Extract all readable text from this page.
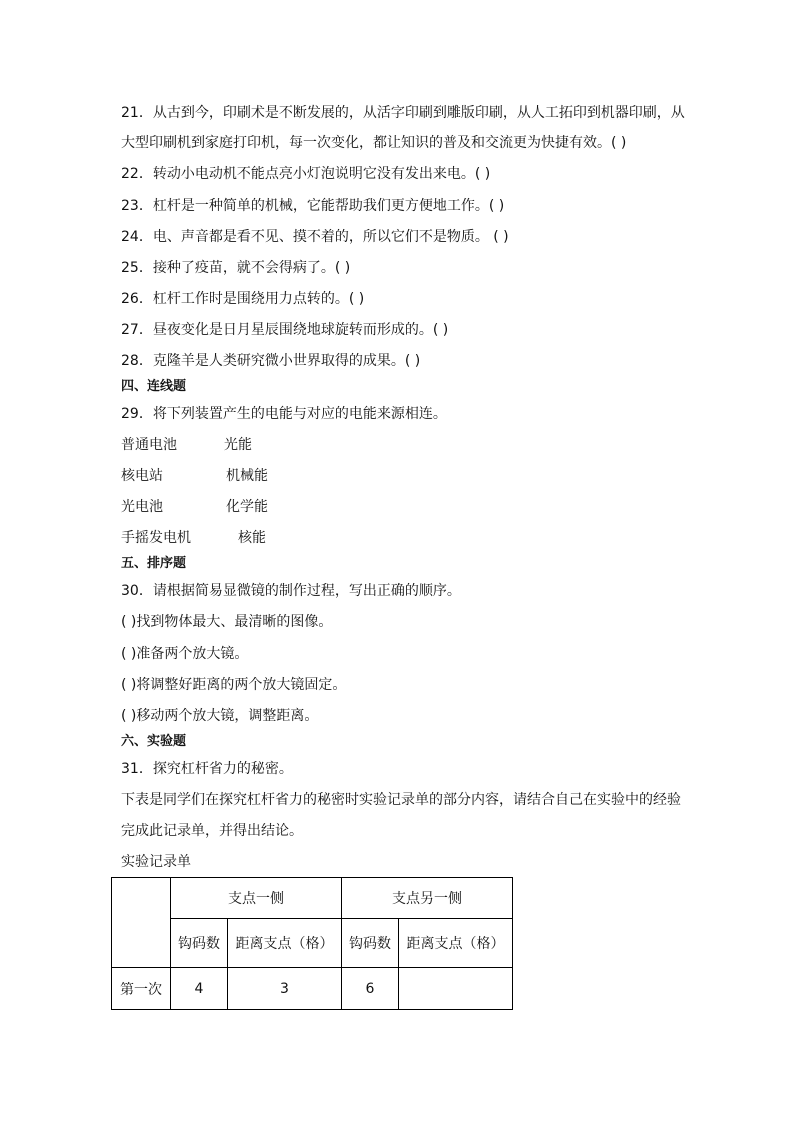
21．从古到今，印刷术是不断发展的，从活字印刷到雕版印刷，从人工拓印到机器印刷，从
大型印刷机到家庭打印机，每一次变化，都让知识的普及和交流更为快捷有效。( )
22．转动小电动机不能点亮小灯泡说明它没有发出来电。( )
23．杠杆是一种简单的机械，它能帮助我们更方便地工作。( )
24．电、声音都是看不见、摸不着的，所以它们不是物质。 ( )
25．接种了疫苗，就不会得病了。( )
26．杠杆工作时是围绕用力点转的。( )
27．昼夜变化是日月星辰围绕地球旋转而形成的。( )
28．克隆羊是人类研究微小世界取得的成果。( )
四、连线题
29．将下列装置产生的电能与对应的电能来源相连。
普通电池	光能
核电站	机械能
光电池	化学能
手摇发电机	核能
五、排序题
30．请根据简易显微镜的制作过程，写出正确的顺序。
( )找到物体最大、最清晰的图像。
( )准备两个放大镜。
( )将调整好距离的两个放大镜固定。
( )移动两个放大镜，调整距离。
六、实验题
31．探究杠杆省力的秘密。
下表是同学们在探究杠杆省力的秘密时实验记录单的部分内容，请结合自己在实验中的经验
完成此记录单，并得出结论。
实验记录单
	支点一侧		支点另一侧	
	钩码数	距离支点（格）	钩码数	距离支点（格）
第一次	4	3	6	
